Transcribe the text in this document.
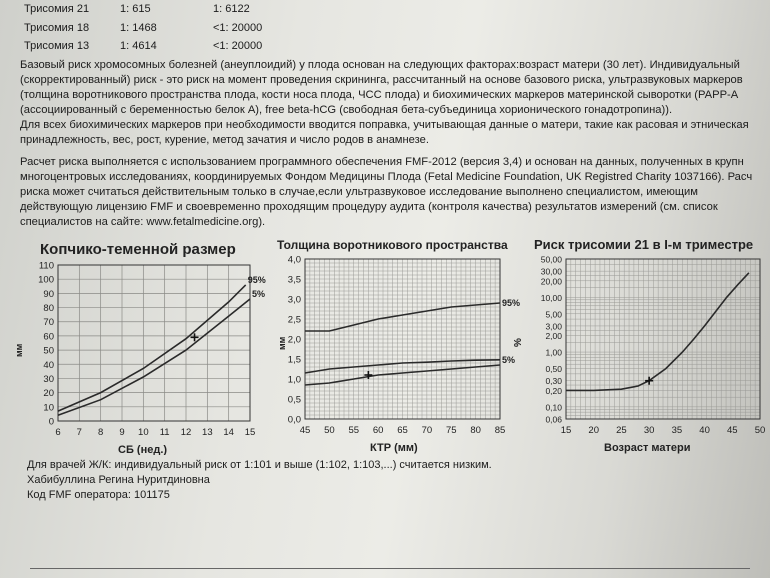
Трисомия 21	1: 615	1: 6122
Трисомия 18	1: 1468	<1: 20000
Трисомия 13	1: 4614	<1: 20000
Базовый риск хромосомных болезней (анеуплоидий) у плода основан на следующих факторах:возраст матери (30 лет). Индивидуальный
(скорректированный) риск - это риск на момент проведения скрининга, рассчитанный на основе базового риска, ультразвуковых маркеров
(толщина воротникового пространства плода, кости носа плода, ЧСС плода) и биохимических маркеров материнской сыворотки (PAPP-A
(ассоциированный с беременностью белок А), free beta-hCG (свободная бета-субъединица хорионического гонадотропина)).
Для всех биохимических маркеров при необходимости вводится поправка, учитывающая данные о матери, такие как расовая и этническая
принадлежность, вес, рост, курение, метод зачатия и число родов в анамнезе.
Расчет риска выполняется с использованием программного обеспечения FMF-2012 (версия 3,4) и основан на данных, полученных в крупн
многоцентровых исследованиях, координируемых Фондом Медицины Плода (Fetal Medicine Foundation, UK Registred Charity 1037166). Расч
риска может считаться действительным только в случае,если ультразвуковое исследование выполнено специалистом, имеющим
действующую лицензию FMF и своевременно проходящим процедуру аудита (контроля качества) результатов измерений (см. список
специалистов на сайте: www.fetalmedicine.org).
Копчико-теменной размер
мм
СБ (нед.)
0
10
20
30
40
50
60
70
80
90
100
110
6 7 8 9 10 11 12 13 14 15
95%
5%
Толщина воротникового пространства
мм
КТР (мм)
0,0
0,5
1,0
1,5
2,0
2,5
3,0
3,5
4,0
45 50 55 60 65 70 75 80 85
95%
5%
Риск трисомии 21 в I-м триместре
%
Возраст матери
0,06
0,10
0,20
0,30
0,50
1,00
2,00
3,00
5,00
10,00
20,00
30,00
50,00
15 20 25 30 35 40 45 50
Для врачей Ж/К: индивидуальный риск от 1:101 и выше (1:102, 1:103,...) считается низким.
Хабибуллина Регина Нуритдиновна
Код FMF оператора: 101175
